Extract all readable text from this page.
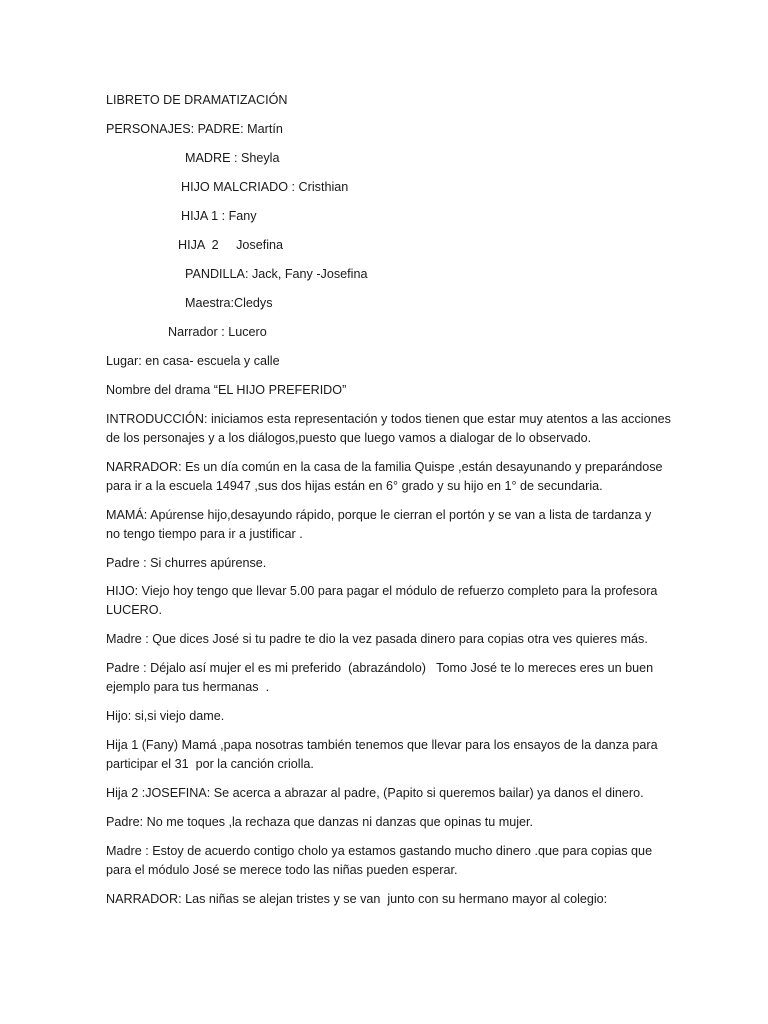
LIBRETO DE DRAMATIZACIÓN
PERSONAJES: PADRE: Martín
MADRE : Sheyla
HIJO MALCRIADO : Cristhian
HIJA 1 : Fany
HIJA  2     Josefina
PANDILLA: Jack, Fany -Josefina
Maestra:Cledys
Narrador : Lucero
Lugar: en casa- escuela y calle
Nombre del drama “EL HIJO PREFERIDO”
INTRODUCCIÓN: iniciamos esta representación y todos tienen que estar muy atentos a las acciones
de los personajes y a los diálogos,puesto que luego vamos a dialogar de lo observado.
NARRADOR: Es un día común en la casa de la familia Quispe ,están desayunando y preparándose
para ir a la escuela 14947 ,sus dos hijas están en 6° grado y su hijo en 1° de secundaria.
MAMÁ: Apúrense hijo,desayundo rápido, porque le cierran el portón y se van a lista de tardanza y
no tengo tiempo para ir a justificar .
Padre : Si churres apúrense.
HIJO: Viejo hoy tengo que llevar 5.00 para pagar el módulo de refuerzo completo para la profesora
LUCERO.
Madre : Que dices José si tu padre te dio la vez pasada dinero para copias otra ves quieres más.
Padre : Déjalo así mujer el es mi preferido  (abrazándolo)   Tomo José te lo mereces eres un buen
ejemplo para tus hermanas  .
Hijo: si,si viejo dame.
Hija 1 (Fany) Mamá ,papa nosotras también tenemos que llevar para los ensayos de la danza para
participar el 31  por la canción criolla.
Hija 2 :JOSEFINA: Se acerca a abrazar al padre, (Papito si queremos bailar) ya danos el dinero.
Padre: No me toques ,la rechaza que danzas ni danzas que opinas tu mujer.
Madre : Estoy de acuerdo contigo cholo ya estamos gastando mucho dinero .que para copias que
para el módulo José se merece todo las niñas pueden esperar.
NARRADOR: Las niñas se alejan tristes y se van  junto con su hermano mayor al colegio:
